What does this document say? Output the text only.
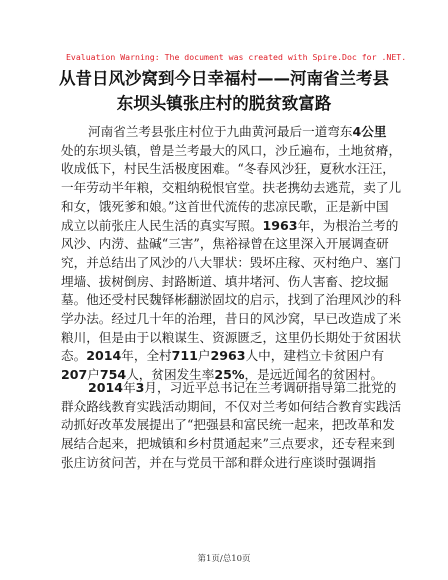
Evaluation Warning: The document was created with Spire.Doc for .NET.
从昔日风沙窝到今日幸福村——河南省兰考县
东坝头镇张庄村的脱贫致富路
河南省兰考县张庄村位于九曲黄河最后一道弯东4公里
处的东坝头镇，曾是兰考最大的风口，沙丘遍布，土地贫瘠，
收成低下，村民生活极度困难。“冬春风沙狂，夏秋水汪汪，
一年劳动半年粮，交粗纳税恨官堂。扶老携幼去逃荒，卖了儿
和女，饿死爹和娘。”这首世代流传的悲凉民歌，正是新中国
成立以前张庄人民生活的真实写照。1963年，为根治兰考的
风沙、内涝、盐碱“三害”，焦裕禄曾在这里深入开展调查研
究，并总结出了风沙的八大罪状：毁坏庄稼、灭村绝户、塞门
埋墙、拔树倒房、封路断道、填井堵河、伤人害畜、挖坟掘
墓。他还受村民魏铎彬翻淤固坟的启示，找到了治理风沙的科
学办法。经过几十年的治理，昔日的风沙窝，早已改造成了米
粮川，但是由于以粮谋生、资源匮乏，这里仍长期处于贫困状
态。2014年，全村711户2963人中，建档立卡贫困户有
207户754人，贫困发生率25%，是远近闻名的贫困村。
2014年3月，习近平总书记在兰考调研指导第二批党的
群众路线教育实践活动期间，不仅对兰考如何结合教育实践活
动抓好改革发展提出了“把强县和富民统一起来，把改革和发
展结合起来，把城镇和乡村贯通起来”三点要求，还专程来到
张庄访贫问苦，并在与党员干部和群众进行座谈时强调指
第1页/总10页
